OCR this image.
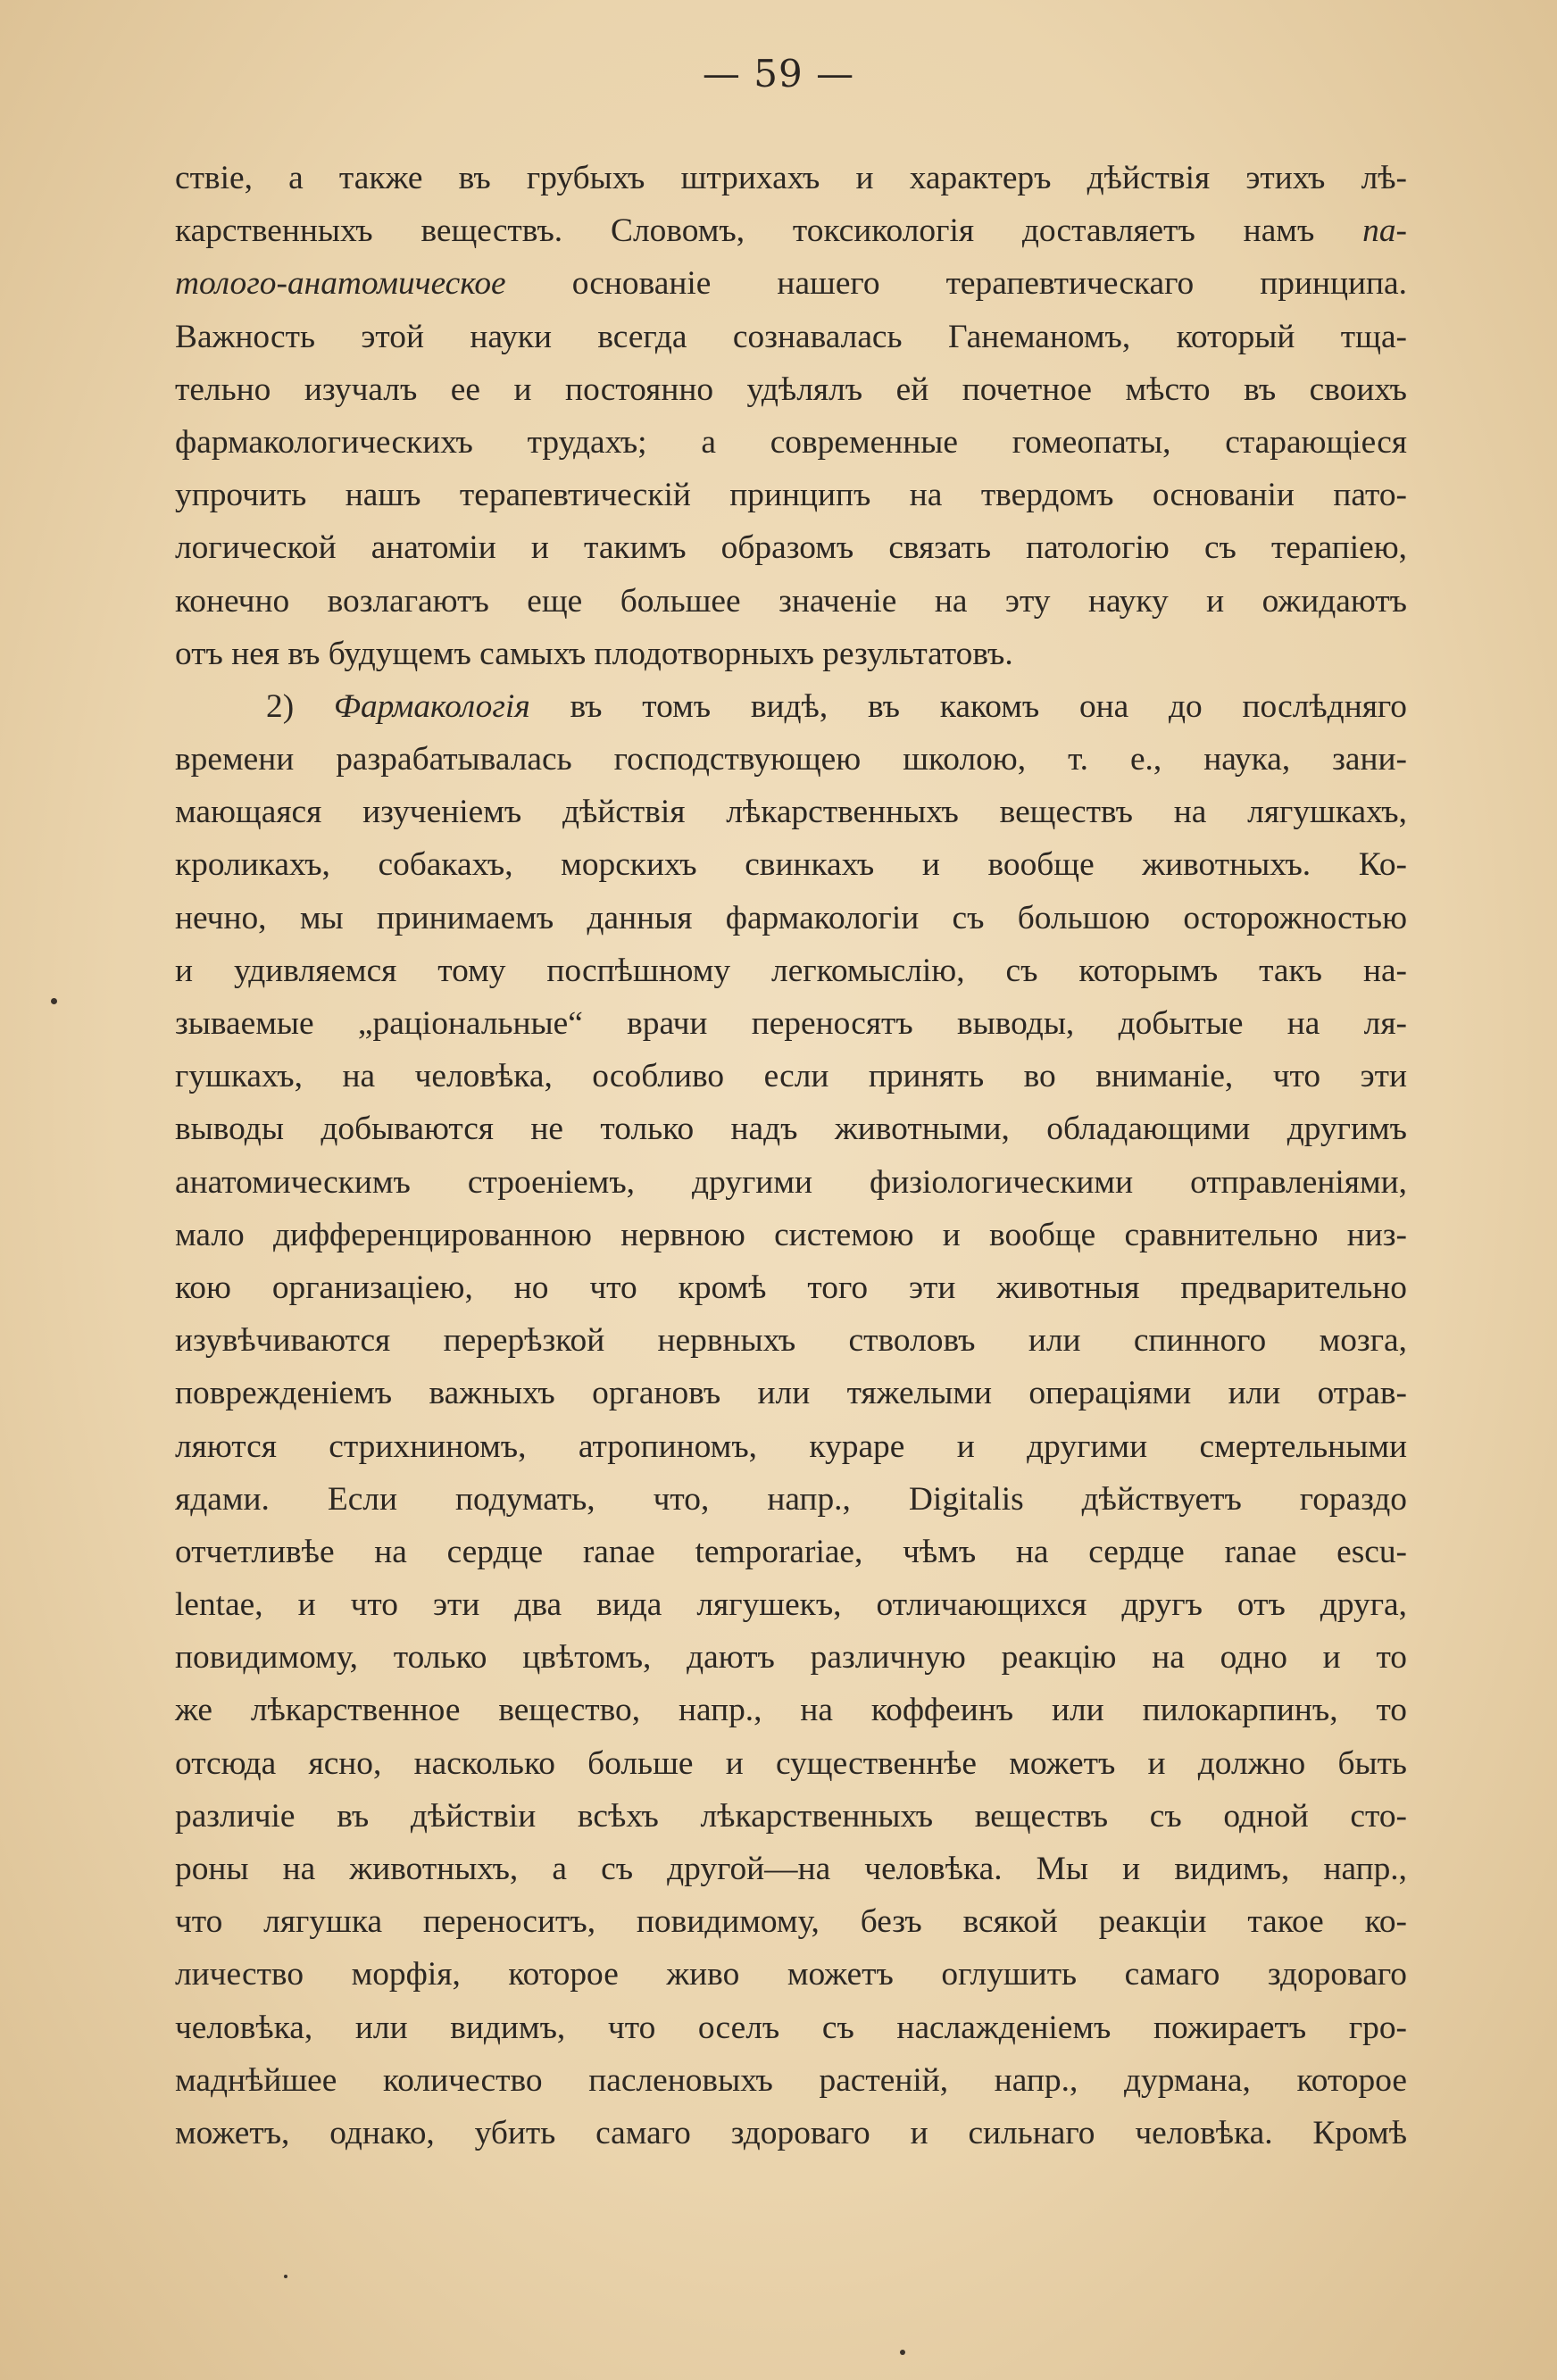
— 59 —
ствіе, а также въ грубыхъ штрихахъ и характеръ дѣйствія этихъ лѣ-
карственныхъ веществъ. Словомъ, токсикологія доставляетъ намъ па-
толого-анатомическое основаніе нашего терапевтическаго принципа.
Важность этой науки всегда сознавалась Ганеманомъ, который тща-
тельно изучалъ ее и постоянно удѣлялъ ей почетное мѣсто въ своихъ
фармакологическихъ трудахъ; а современные гомеопаты, старающіеся
упрочить нашъ терапевтическій принципъ на твердомъ основаніи пато-
логической анатоміи и такимъ образомъ связать патологію съ терапіею,
конечно возлагаютъ еще большее значеніе на эту науку и ожидаютъ
отъ нея въ будущемъ самыхъ плодотворныхъ результатовъ.
2) Фармакологія въ томъ видѣ, въ какомъ она до послѣдняго
времени разрабатывалась господствующею школою, т. е., наука, зани-
мающаяся изученіемъ дѣйствія лѣкарственныхъ веществъ на лягушкахъ,
кроликахъ, собакахъ, морскихъ свинкахъ и вообще животныхъ. Ко-
нечно, мы принимаемъ данныя фармакологіи съ большою осторожностью
и удивляемся тому поспѣшному легкомыслію, съ которымъ такъ на-
зываемые „раціональные“ врачи переносятъ выводы, добытые на ля-
гушкахъ, на человѣка, особливо если принять во вниманіе, что эти
выводы добываются не только надъ животными, обладающими другимъ
анатомическимъ строеніемъ, другими физіологическими отправленіями,
мало дифференцированною нервною системою и вообще сравнительно низ-
кою организаціею, но что кромѣ того эти животныя предварительно
изувѣчиваются перерѣзкой нервныхъ стволовъ или спинного мозга,
поврежденіемъ важныхъ органовъ или тяжелыми операціями или отрав-
ляются стрихниномъ, атропиномъ, кураре и другими смертельными
ядами. Если подумать, что, напр., Digitalis дѣйствуетъ гораздо
отчетливѣе на сердце ranae temporariae, чѣмъ на сердце ranae escu-
lentae, и что эти два вида лягушекъ, отличающихся другъ отъ друга,
повидимому, только цвѣтомъ, даютъ различную реакцію на одно и то
же лѣкарственное вещество, напр., на коффеинъ или пилокарпинъ, то
отсюда ясно, насколько больше и существеннѣе можетъ и должно быть
различіе въ дѣйствіи всѣхъ лѣкарственныхъ веществъ съ одной сто-
роны на животныхъ, а съ другой—на человѣка. Мы и видимъ, напр.,
что лягушка переноситъ, повидимому, безъ всякой реакціи такое ко-
личество морфія, которое живо можетъ оглушить самаго здороваго
человѣка, или видимъ, что оселъ съ наслажденіемъ пожираетъ гро-
маднѣйшее количество пасленовыхъ растеній, напр., дурмана, которое
можетъ, однако, убить самаго здороваго и сильнаго человѣка. Кромѣ
